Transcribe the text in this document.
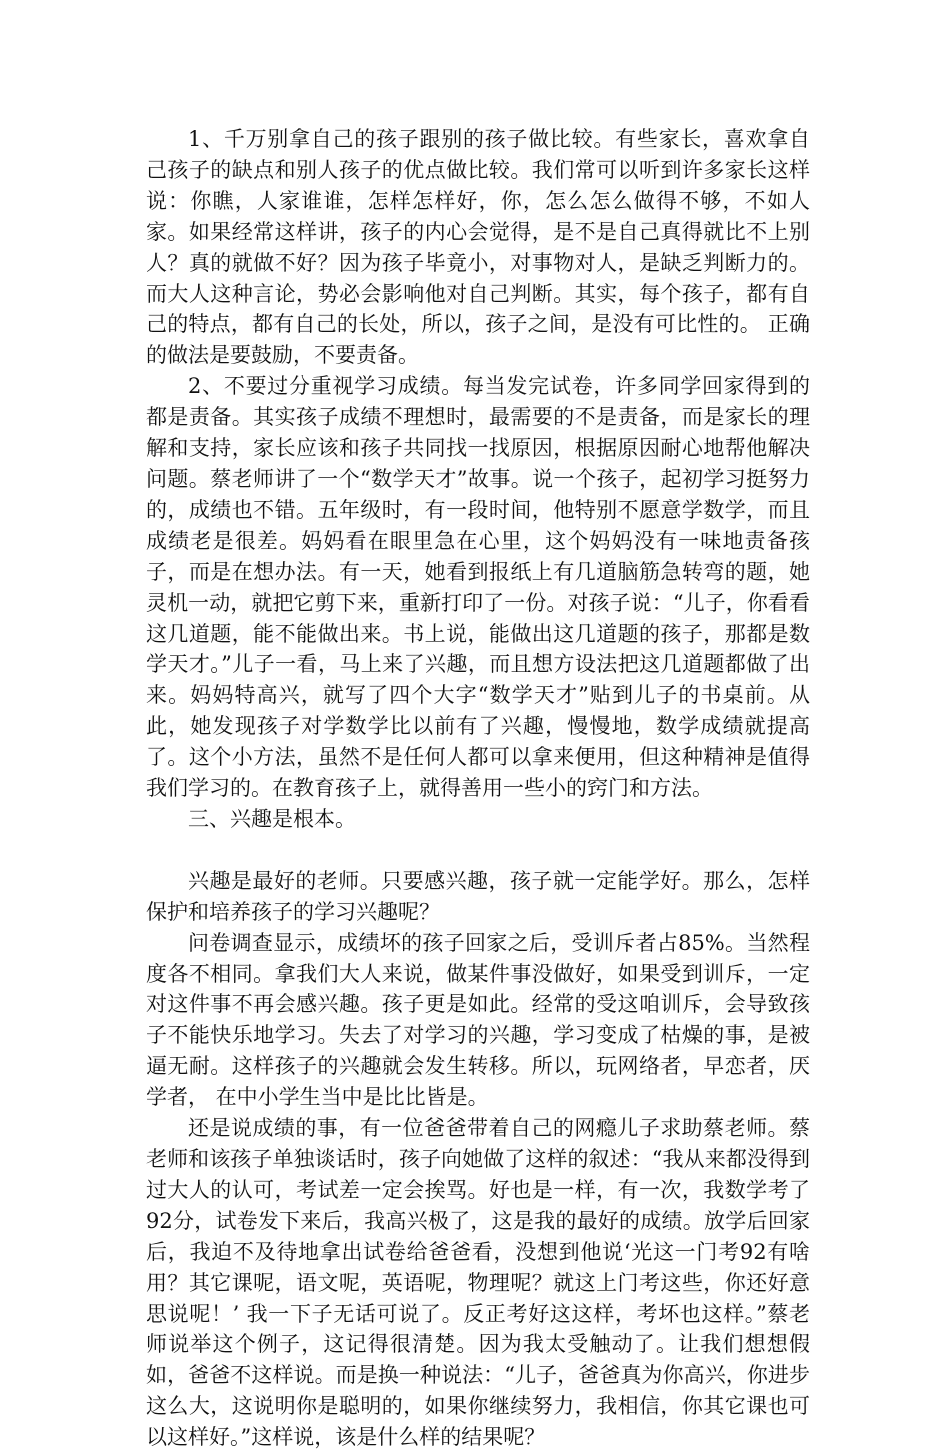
1、千万别拿自己的孩子跟别的孩子做比较。有些家长，喜欢拿自己孩子的缺点和别人孩子的优点做比较。我们常可以听到许多家长这样说：你瞧，人家谁谁，怎样怎样好，你，怎么怎么做得不够，不如人家。如果经常这样讲，孩子的内心会觉得，是不是自己真得就比不上别人？真的就做不好？因为孩子毕竟小，对事物对人，是缺乏判断力的。而大人这种言论，势必会影响他对自己判断。其实，每个孩子，都有自己的特点，都有自己的长处，所以，孩子之间，是没有可比性的。 正确的做法是要鼓励，不要责备。

2、不要过分重视学习成绩。每当发完试卷，许多同学回家得到的都是责备。其实孩子成绩不理想时，最需要的不是责备，而是家长的理解和支持，家长应该和孩子共同找一找原因，根据原因耐心地帮他解决问题。蔡老师讲了一个“数学天才”故事。说一个孩子，起初学习挺努力的，成绩也不错。五年级时，有一段时间，他特别不愿意学数学，而且成绩老是很差。妈妈看在眼里急在心里，这个妈妈没有一味地责备孩子，而是在想办法。有一天，她看到报纸上有几道脑筋急转弯的题，她灵机一动，就把它剪下来，重新打印了一份。对孩子说：“儿子，你看看这几道题，能不能做出来。书上说，能做出这几道题的孩子，那都是数学天才。”儿子一看，马上来了兴趣，而且想方设法把这几道题都做了出来。妈妈特高兴，就写了四个大字“数学天才”贴到儿子的书桌前。从此，她发现孩子对学数学比以前有了兴趣，慢慢地，数学成绩就提高了。这个小方法，虽然不是任何人都可以拿来便用，但这种精神是值得我们学习的。在教育孩子上，就得善用一些小的窍门和方法。

三、兴趣是根本。

兴趣是最好的老师。只要感兴趣，孩子就一定能学好。那么，怎样保护和培养孩子的学习兴趣呢？

问卷调查显示，成绩坏的孩子回家之后，受训斥者占85%。当然程度各不相同。拿我们大人来说，做某件事没做好，如果受到训斥，一定对这件事不再会感兴趣。孩子更是如此。经常的受这咱训斥，会导致孩子不能快乐地学习。失去了对学习的兴趣，学习变成了枯燥的事，是被逼无耐。这样孩子的兴趣就会发生转移。所以，玩网络者，早恋者，厌学者， 在中小学生当中是比比皆是。

还是说成绩的事，有一位爸爸带着自己的网瘾儿子求助蔡老师。蔡老师和该孩子单独谈话时，孩子向她做了这样的叙述：“我从来都没得到过大人的认可，考试差一定会挨骂。好也是一样，有一次，我数学考了92分，试卷发下来后，我高兴极了，这是我的最好的成绩。放学后回家后，我迫不及待地拿出试卷给爸爸看，没想到他说‘光这一门考92有啥用？其它课呢，语文呢，英语呢，物理呢？就这上门考这些，你还好意思说呢！’ 我一下子无话可说了。反正考好这这样，考坏也这样。”蔡老师说举这个例子，这记得很清楚。因为我太受触动了。让我们想想假如，爸爸不这样说。而是换一种说法：“儿子，爸爸真为你高兴，你进步这么大，这说明你是聪明的，如果你继续努力，我相信，你其它课也可以这样好。”这样说，该是什么样的结果呢？
